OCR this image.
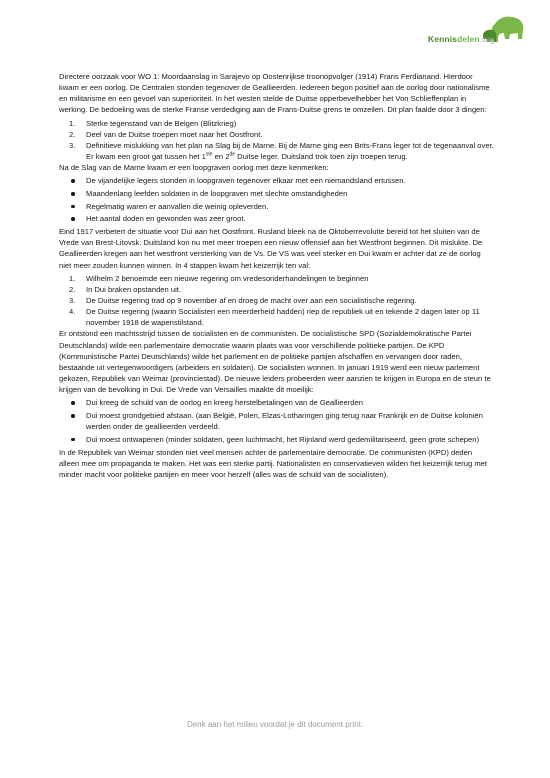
Kennisdelen.org

Directere oorzaak voor WO 1: Moordaanslag in Sarajevo op Oostenrijkse troonopvolger (1914) Frans Ferdianand. Hierdoor kwam er een oorlog. De Centralen stonden tegenover de Geallieerden. Iedereen begon positief aan de oorlog door nationalisme en militarisme en een gevoel van superioriteit. In het westen stelde de Duitse opperbevelhebber het Von Schlieffenplan in werking. De bedoeling was de sterke Franse verdediging aan de Frans-Duitse grens te omzeilen. Dit plan faalde door 3 dingen:

1. Sterke tegenstand van de Belgen (Blitzkrieg)
2. Deel van de Duitse troepen moet naar het Oostfront.
3. Definitieve mislukking van het plan na Slag bij de Marne. Bij de Marne ging een Brits-Frans leger tot de tegenaanval over. Er kwam een groot gat tussen het 1ste en 2de Duitse leger. Duitsland trok toen zijn troepen terug.

Na de Slag van de Marne kwam er een loopgraven oorlog met deze kenmerken:

De vijandelijke legers stonden in loopgraven tegenover elkaar met een niemandsland ertussen.
Maandenlang leefden soldaten in de loopgraven met slechte omstandigheden
Regelmatig waren er aanvallen die weinig opleverden.
Het aantal doden en gewonden was zeer groot.

Eind 1917 verbetert de situatie voor Dui aan het Oostfront. Rusland bleek na de Oktoberrevolutie bereid tot het sluiten van de Vrede van Brest-Litovsk. Duitsland kon nu met meer troepen een nieuw offensief aan het Westfront beginnen. Dit mislukte. De Geallieerden kregen aan het westfront versterking van de Vs. De VS was veel sterker en Dui kwam er achter dat ze de oorlog niet meer zouden kunnen winnen. In 4 stappen kwam het keizerrijk ten val:

1. Wilhelm 2 benoemde een nieuwe regering om vredesonderhandelingen te beginnen
2. In Dui braken opstanden uit.
3. De Duitse regering trad op 9 november af en droeg de macht over aan een socialistische regering.
4. De Duitse regering (waarin Socialisten een meerderheid hadden) riep de republiek uit en tekende 2 dagen later op 11 november 1918 de wapenstilstand.

Er ontstond een machtsstrijd tussen de socialisten en de communisten. De socialistische SPD (Sozialdemokratische Partei Deutschlands) wilde een parlementaire democratie waarin plaats was voor verschillende politieke partijen. De KPD (Kommunistische Partei Deutschlands) wilde het parlement en de politieke partijen afschaffen en vervangen door raden, bestaande uit vertegenwoordigers (arbeiders en soldaten). De socialisten wonnen. In januari 1919 werd een nieuw parlement gekozen, Republiek van Weimar (provinciestad). De nieuwe leiders probeerden weer aanzien te krijgen in Europa en de steun te krijgen van de bevolking in Dui. De Vrede van Versailles maakte dit moeilijk:

Dui kreeg de schuld van de oorlog en kreeg herstelbetalingen van de Geallieerden
Dui moest grondgebied afstaan. (aan België, Polen, Elzas-Lotharingen ging terug naar Frankrijk en de Duitse koloniën werden onder de geallieerden verdeeld.
Dui moest ontwapenen (minder soldaten, geen luchtmacht, het Rijnland werd gedemilitariseerd, geen grote schepen)

In de Republiek van Weimar stonden niet veel mensen achter de parlementaire democratie. De communisten (KPD) deden alleen mee om propaganda te maken. Het was een sterke partij. Nationalisten en conservatieven wilden het keizerrijk terug met minder macht voor politieke partijen en meer voor herzelf (alles was de schuld van de socialisten).

Denk aan het milieu voordat je dit document print.
